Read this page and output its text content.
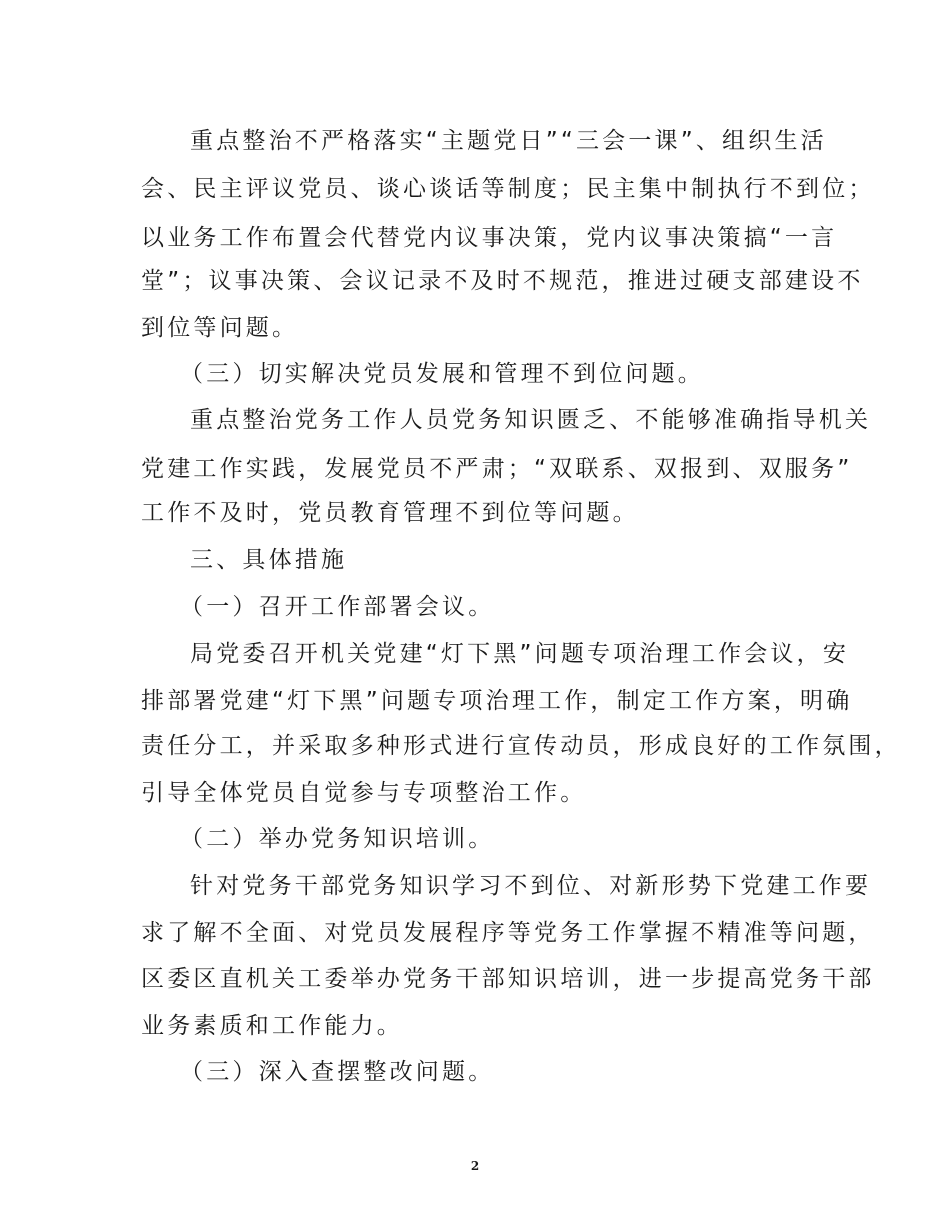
重点整治不严格落实“主题党日”“三会一课”、组织生活
会、民主评议党员、谈心谈话等制度；民主集中制执行不到位；
以业务工作布置会代替党内议事决策，党内议事决策搞“一言
堂”；议事决策、会议记录不及时不规范，推进过硬支部建设不
到位等问题。
（三）切实解决党员发展和管理不到位问题。
重点整治党务工作人员党务知识匮乏、不能够准确指导机关
党建工作实践，发展党员不严肃；“双联系、双报到、双服务”
工作不及时，党员教育管理不到位等问题。
三、具体措施
（一）召开工作部署会议。
局党委召开机关党建“灯下黑”问题专项治理工作会议，安
排部署党建“灯下黑”问题专项治理工作，制定工作方案，明确
责任分工，并采取多种形式进行宣传动员，形成良好的工作氛围，
引导全体党员自觉参与专项整治工作。
（二）举办党务知识培训。
针对党务干部党务知识学习不到位、对新形势下党建工作要
求了解不全面、对党员发展程序等党务工作掌握不精准等问题，
区委区直机关工委举办党务干部知识培训，进一步提高党务干部
业务素质和工作能力。
（三）深入查摆整改问题。
2
